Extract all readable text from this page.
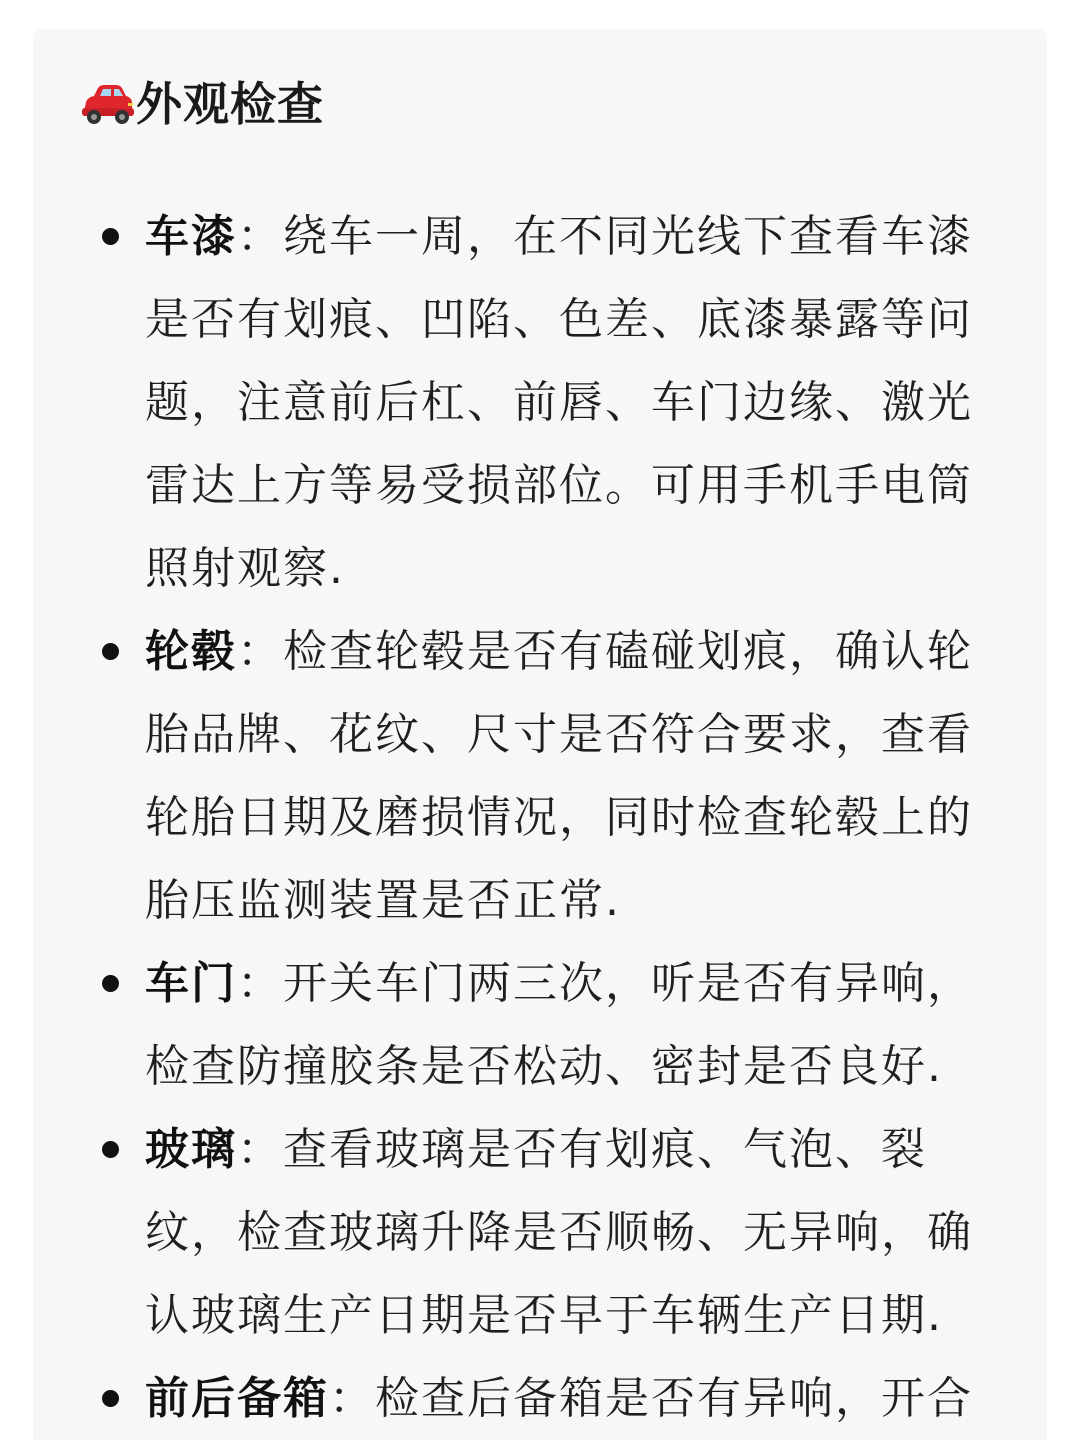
外观检查
车漆：绕车一周，在不同光线下查看车漆是否有划痕、凹陷、色差、底漆暴露等问题，注意前后杠、前唇、车门边缘、激光雷达上方等易受损部位。可用手机手电筒照射观察.
轮毂：检查轮毂是否有磕碰划痕，确认轮胎品牌、花纹、尺寸是否符合要求，查看轮胎日期及磨损情况，同时检查轮毂上的胎压监测装置是否正常.
车门：开关车门两三次，听是否有异响，检查防撞胶条是否松动、密封是否良好.
玻璃：查看玻璃是否有划痕、气泡、裂纹，检查玻璃升降是否顺畅、无异响，确认玻璃生产日期是否早于车辆生产日期.
前后备箱：检查后备箱是否有异响，开合
